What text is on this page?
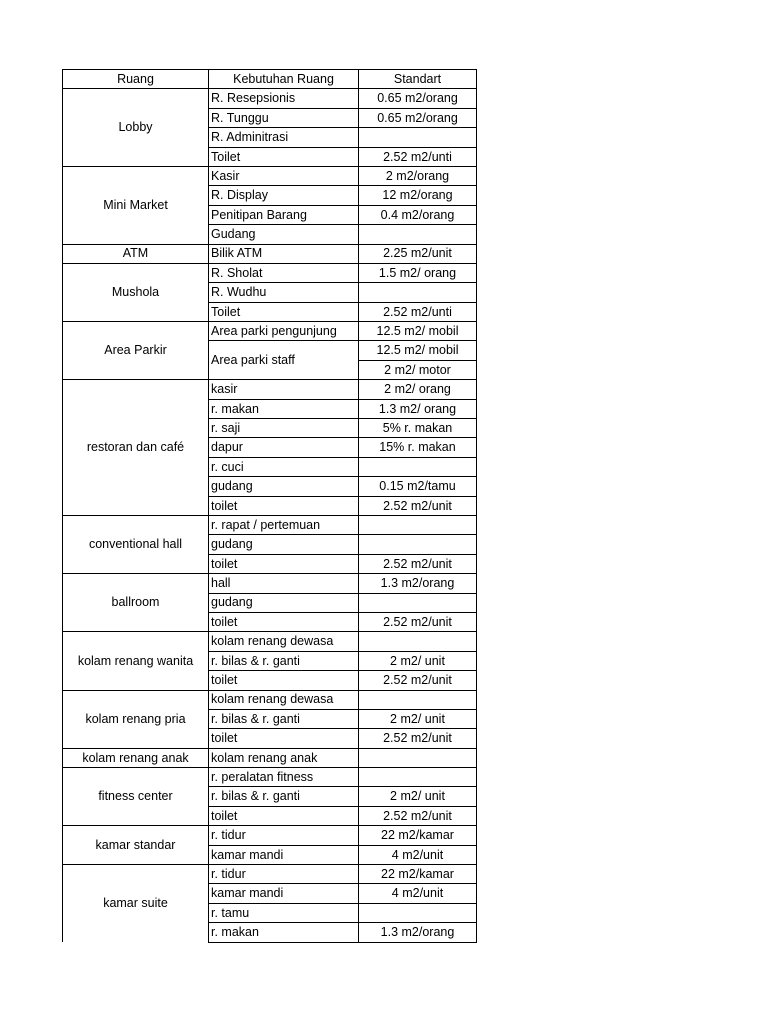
Ruang	Kebutuhan Ruang	Standart
Lobby	R. Resepsionis	0.65 m2/orang
	R. Tunggu	0.65 m2/orang
	R. Adminitrasi	
	Toilet	2.52 m2/unti
Mini Market	Kasir	2 m2/orang
	R. Display	12 m2/orang
	Penitipan Barang	0.4 m2/orang
	Gudang	
ATM	Bilik ATM	2.25 m2/unit
Mushola	R. Sholat	1.5 m2/ orang
	R. Wudhu	
	Toilet	2.52 m2/unti
Area Parkir	Area parki pengunjung	12.5 m2/ mobil
	Area parki staff	12.5 m2/ mobil
		2 m2/ motor
restoran dan café	kasir	2 m2/ orang
	r. makan	1.3 m2/ orang
	r. saji	5% r. makan
	dapur	15% r. makan
	r. cuci	
	gudang	0.15 m2/tamu
	toilet	2.52 m2/unit
conventional hall	r. rapat / pertemuan	
	gudang	
	toilet	2.52 m2/unit
ballroom	hall	1.3 m2/orang
	gudang	
	toilet	2.52 m2/unit
kolam renang wanita	kolam renang dewasa	
	r. bilas & r. ganti	2 m2/ unit
	toilet	2.52 m2/unit
kolam renang pria	kolam renang dewasa	
	r. bilas & r. ganti	2 m2/ unit
	toilet	2.52 m2/unit
kolam renang anak	kolam renang anak	
fitness center	r. peralatan fitness	
	r. bilas & r. ganti	2 m2/ unit
	toilet	2.52 m2/unit
kamar standar	r. tidur	22 m2/kamar
	kamar mandi	4 m2/unit
kamar suite	r. tidur	22 m2/kamar
	kamar mandi	4 m2/unit
	r. tamu	
	r. makan	1.3 m2/orang
